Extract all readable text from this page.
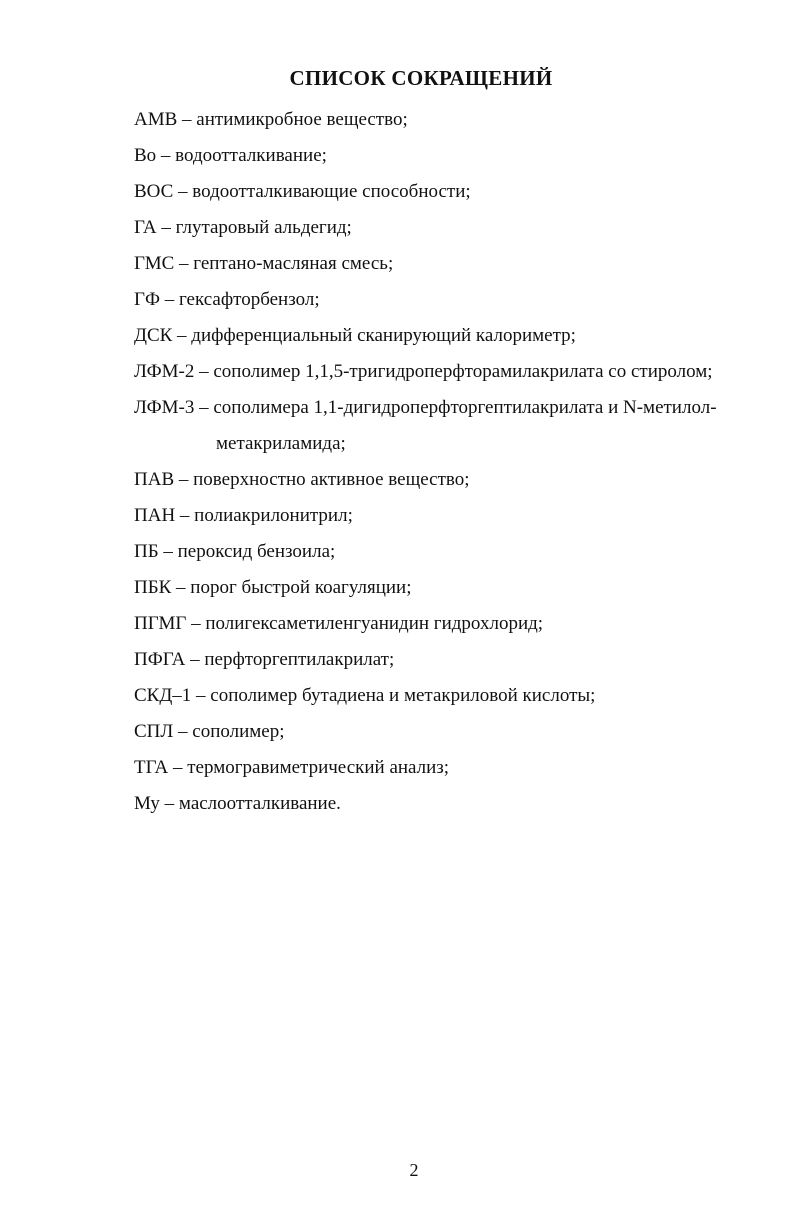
СПИСОК СОКРАЩЕНИЙ
АМВ – антимикробное вещество;
Во – водоотталкивание;
ВОС – водоотталкивающие способности;
ГА – глутаровый альдегид;
ГМС – гептано-масляная смесь;
ГФ – гексафторбензол;
ДСК – дифференциальный сканирующий калориметр;
ЛФМ-2 – сополимер 1,1,5-тригидроперфторамилакрилата со стиролом;
ЛФМ-3 – сополимера 1,1-дигидроперфторгептилакрилата и N-метилол-
метакриламида;
ПАВ – поверхностно активное вещество;
ПАН – полиакрилонитрил;
ПБ – пероксид бензоила;
ПБК – порог быстрой коагуляции;
ПГМГ – полигексаметиленгуанидин гидрохлорид;
ПФГА – перфторгептилакрилат;
СКД–1 – сополимер бутадиена и метакриловой кислоты;
СПЛ – сополимер;
ТГА – термогравиметрический анализ;
Му – маслоотталкивание.
2
